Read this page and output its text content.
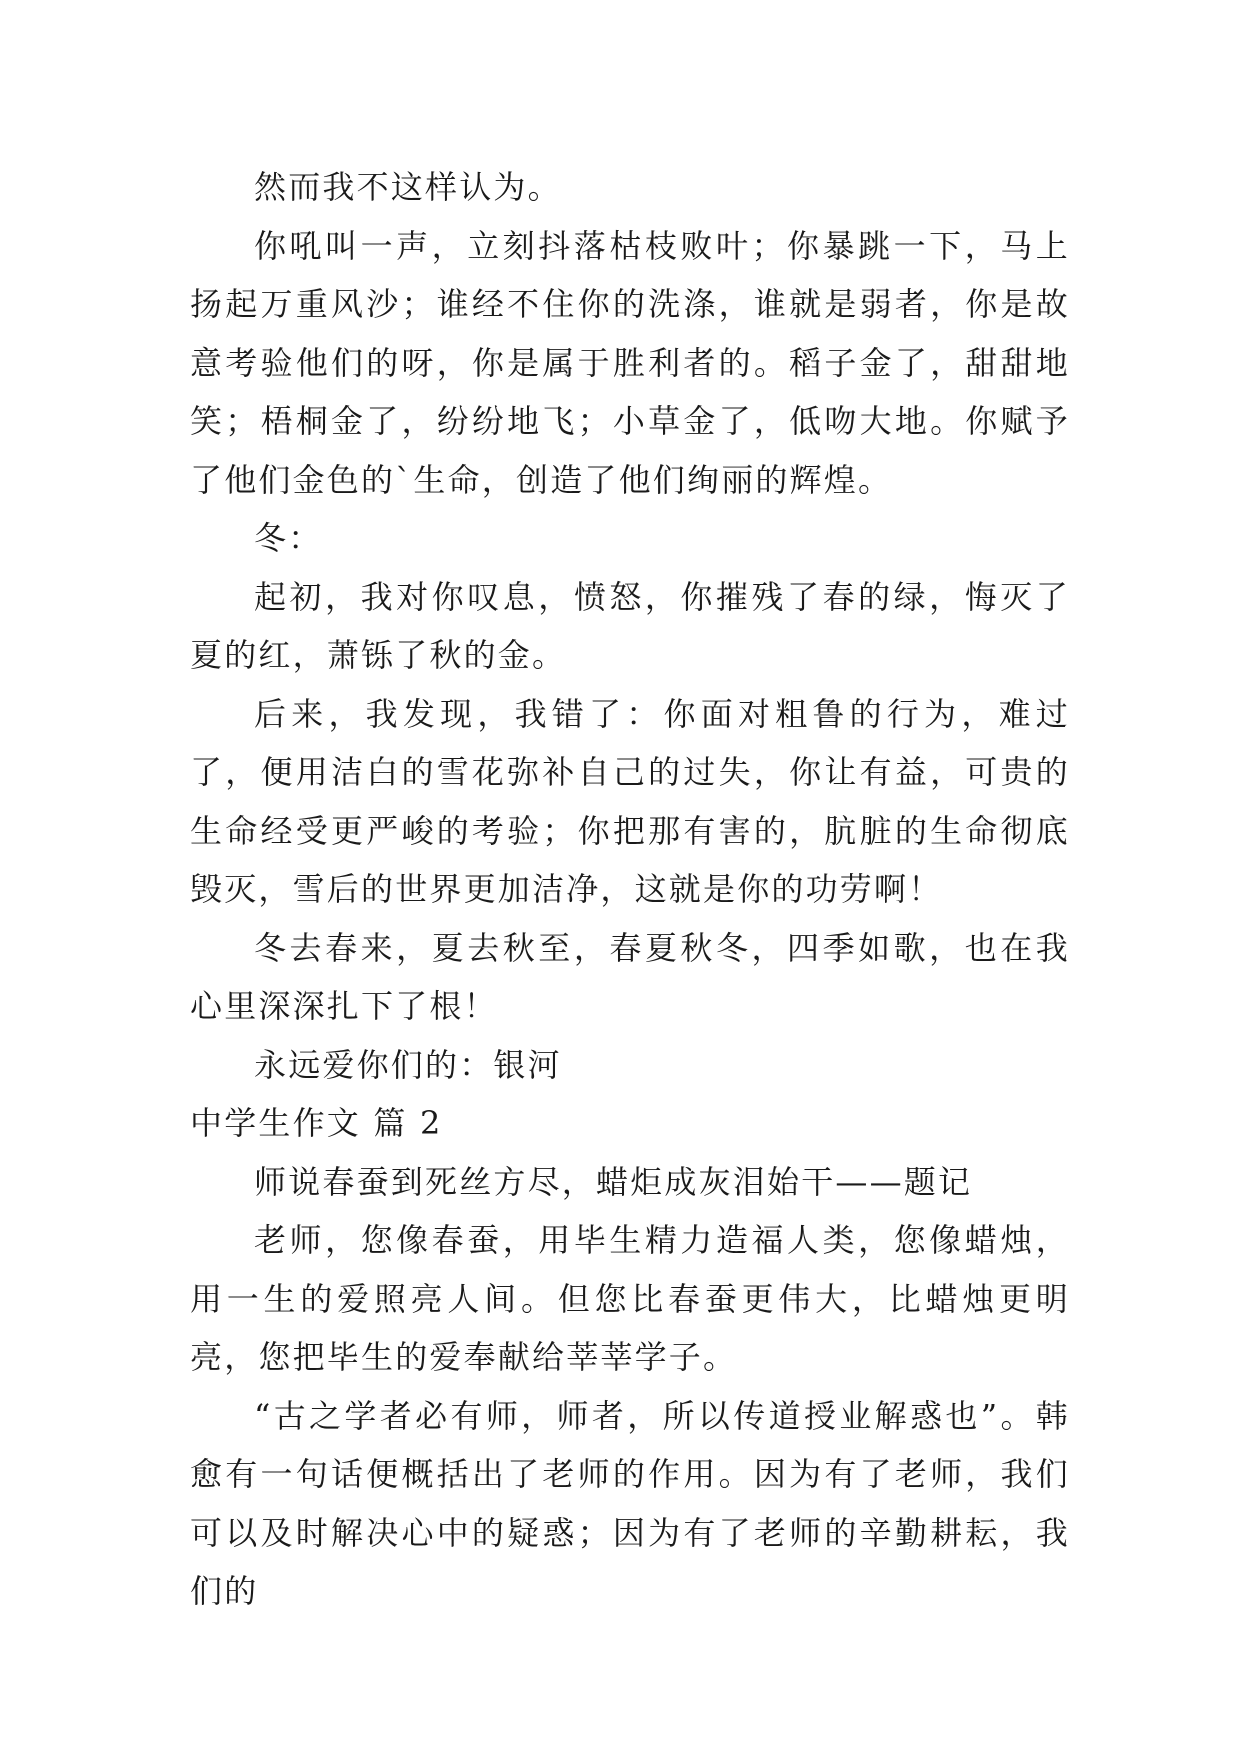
然而我不这样认为。

你吼叫一声，立刻抖落枯枝败叶；你暴跳一下，马上扬起万重风沙；谁经不住你的洗涤，谁就是弱者，你是故意考验他们的呀，你是属于胜利者的。稻子金了，甜甜地笑；梧桐金了，纷纷地飞；小草金了，低吻大地。你赋予了他们金色的`生命，创造了他们绚丽的辉煌。

冬：

起初，我对你叹息，愤怒，你摧残了春的绿，悔灭了夏的红，萧铄了秋的金。

后来，我发现，我错了：你面对粗鲁的行为，难过了，便用洁白的雪花弥补自己的过失，你让有益，可贵的生命经受更严峻的考验；你把那有害的，肮脏的生命彻底毁灭，雪后的世界更加洁净，这就是你的功劳啊！

冬去春来，夏去秋至，春夏秋冬，四季如歌，也在我心里深深扎下了根！

永远爱你们的：银河

中学生作文 篇 2

师说春蚕到死丝方尽，蜡炬成灰泪始干——题记

老师，您像春蚕，用毕生精力造福人类，您像蜡烛，用一生的爱照亮人间。但您比春蚕更伟大，比蜡烛更明亮，您把毕生的爱奉献给莘莘学子。

“古之学者必有师，师者，所以传道授业解惑也”。韩愈有一句话便概括出了老师的作用。因为有了老师，我们可以及时解决心中的疑惑；因为有了老师的辛勤耕耘，我们的
